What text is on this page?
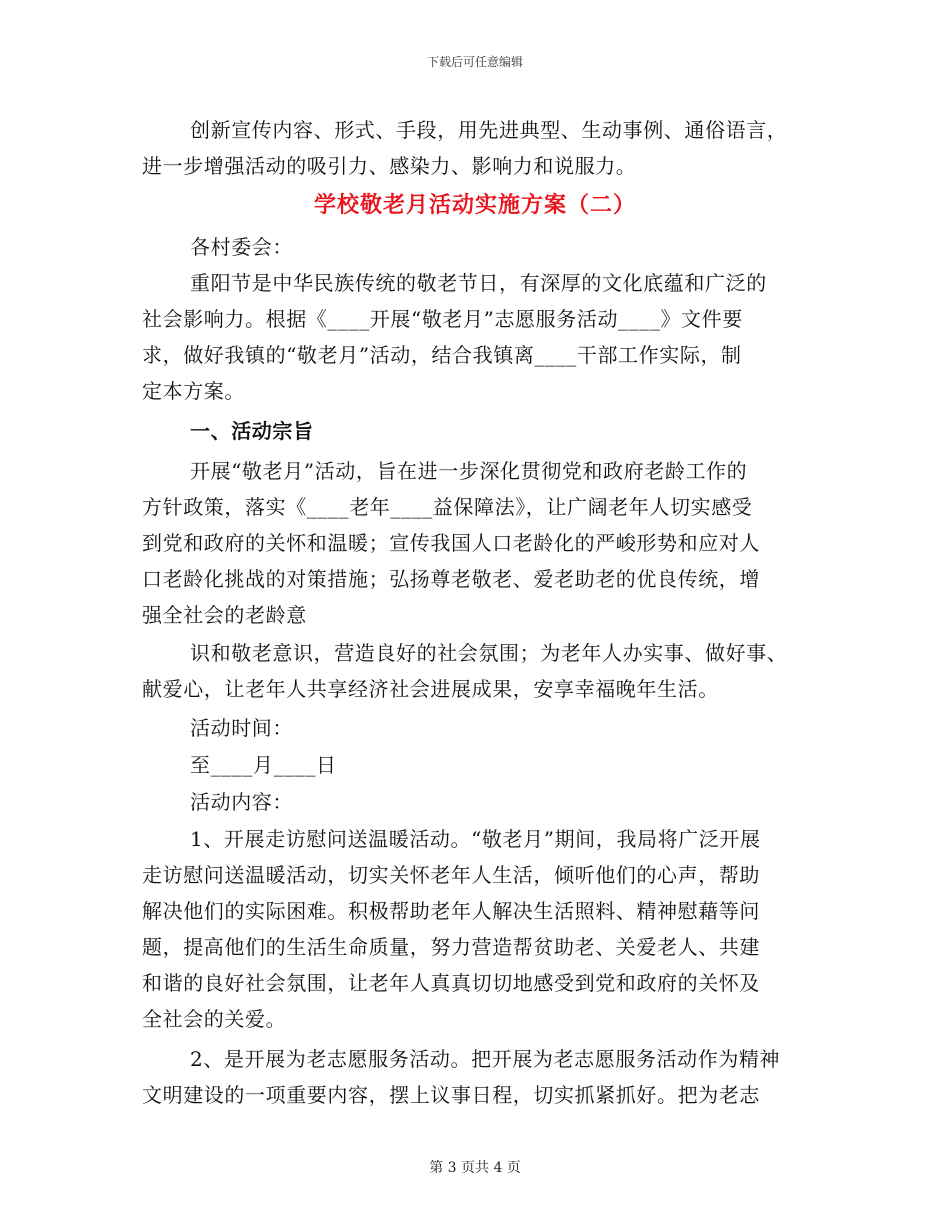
下载后可任意编辑
创新宣传内容、形式、手段，用先进典型、生动事例、通俗语言，
进一步增强活动的吸引力、感染力、影响力和说服力。
学校敬老月活动实施方案（二）
各村委会：
重阳节是中华民族传统的敬老节日，有深厚的文化底蕴和广泛的
社会影响力。根据《____开展“敬老月”志愿服务活动____》文件要
求，做好我镇的“敬老月”活动，结合我镇离____干部工作实际，制
定本方案。
一、活动宗旨
开展“敬老月”活动，旨在进一步深化贯彻党和政府老龄工作的
方针政策，落实《____老年____益保障法》，让广阔老年人切实感受
到党和政府的关怀和温暖；宣传我国人口老龄化的严峻形势和应对人
口老龄化挑战的对策措施；弘扬尊老敬老、爱老助老的优良传统，增
强全社会的老龄意
识和敬老意识，营造良好的社会氛围；为老年人办实事、做好事、
献爱心，让老年人共享经济社会进展成果，安享幸福晚年生活。
活动时间：
至____月____日
活动内容：
1、开展走访慰问送温暖活动。“敬老月”期间，我局将广泛开展
走访慰问送温暖活动，切实关怀老年人生活，倾听他们的心声，帮助
解决他们的实际困难。积极帮助老年人解决生活照料、精神慰藉等问
题，提高他们的生活生命质量，努力营造帮贫助老、关爱老人、共建
和谐的良好社会氛围，让老年人真真切切地感受到党和政府的关怀及
全社会的关爱。
2、是开展为老志愿服务活动。把开展为老志愿服务活动作为精神
文明建设的一项重要内容，摆上议事日程，切实抓紧抓好。把为老志
第 3 页共 4 页
